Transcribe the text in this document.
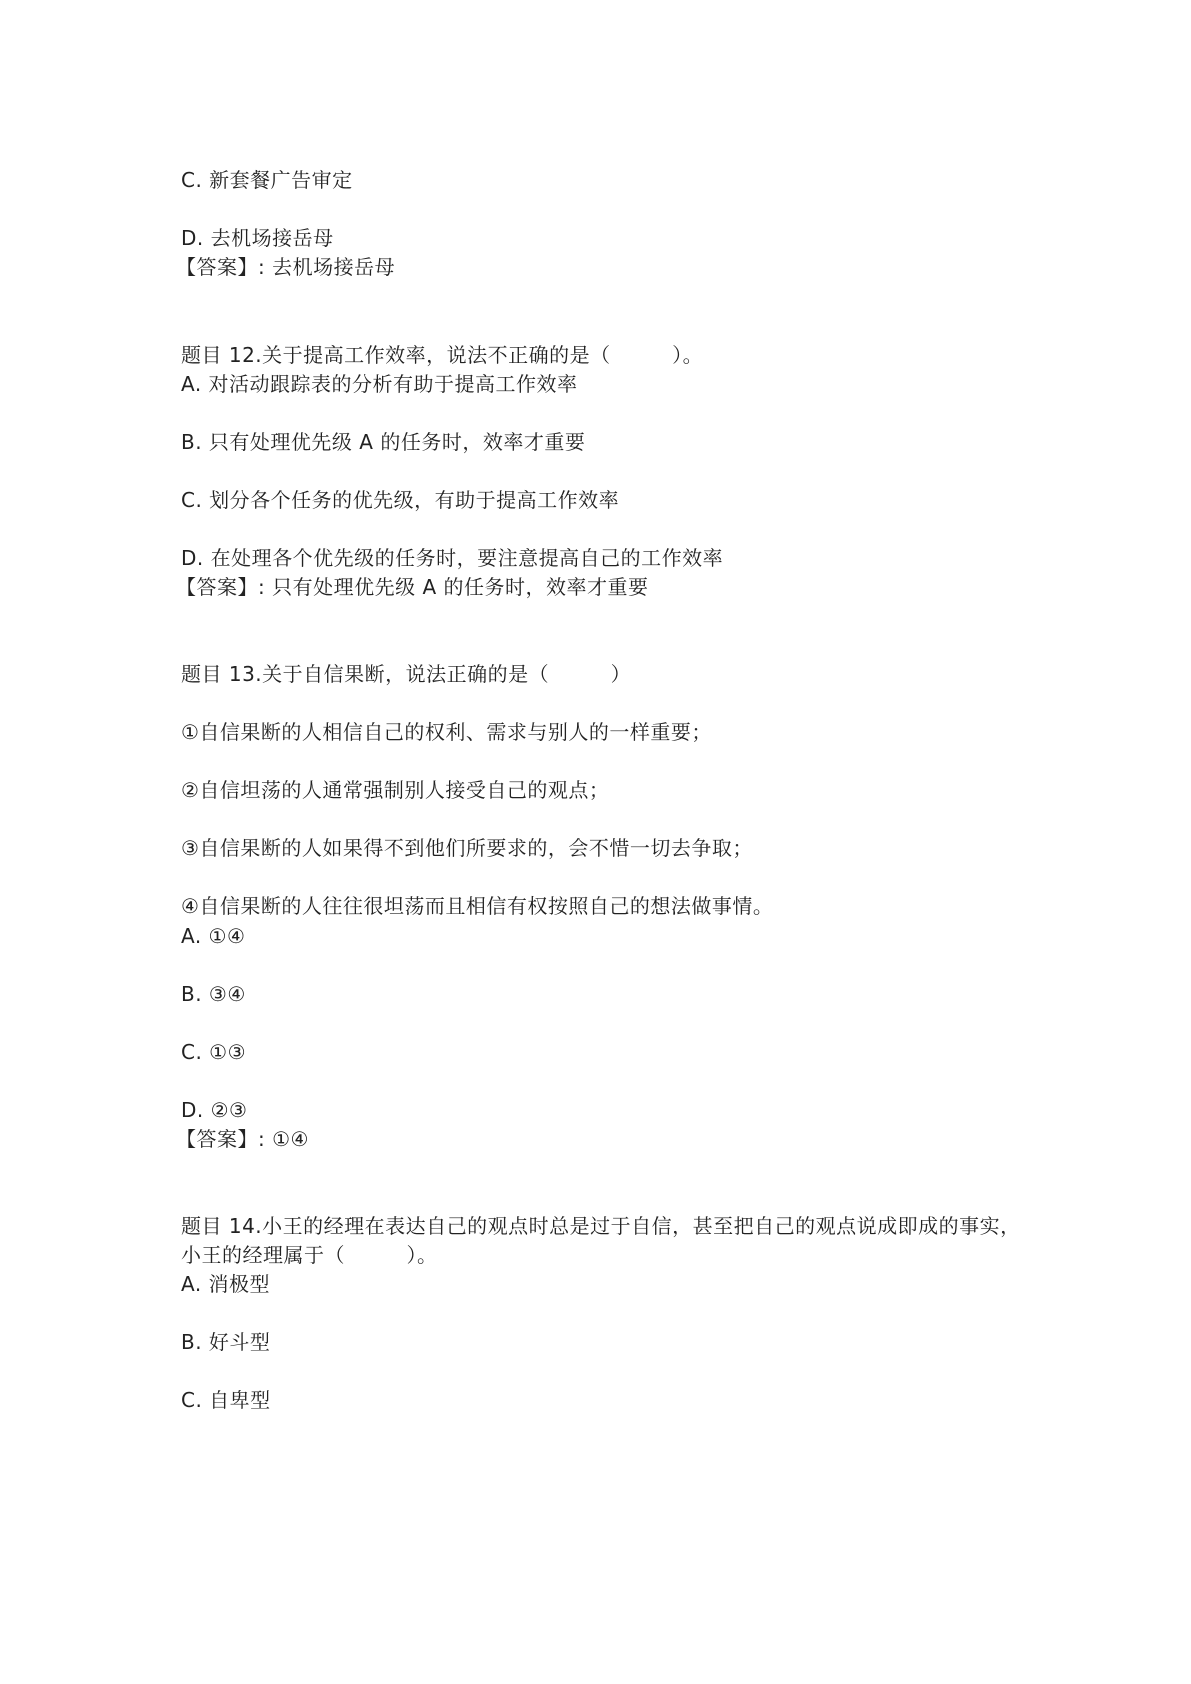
C. 新套餐广告审定
D. 去机场接岳母
【答案】: 去机场接岳母
题目 12.关于提高工作效率，说法不正确的是（　　　）。
A. 对活动跟踪表的分析有助于提高工作效率
B. 只有处理优先级 A 的任务时，效率才重要
C. 划分各个任务的优先级，有助于提高工作效率
D. 在处理各个优先级的任务时，要注意提高自己的工作效率
【答案】: 只有处理优先级 A 的任务时，效率才重要
题目 13.关于自信果断，说法正确的是（　　　）
①自信果断的人相信自己的权利、需求与别人的一样重要；
②自信坦荡的人通常强制别人接受自己的观点；
③自信果断的人如果得不到他们所要求的，会不惜一切去争取；
④自信果断的人往往很坦荡而且相信有权按照自己的想法做事情。
A. ①④
B. ③④
C. ①③
D. ②③
【答案】: ①④
题目 14.小王的经理在表达自己的观点时总是过于自信，甚至把自己的观点说成即成的事实，
小王的经理属于（　　　）。
A. 消极型
B. 好斗型
C. 自卑型
